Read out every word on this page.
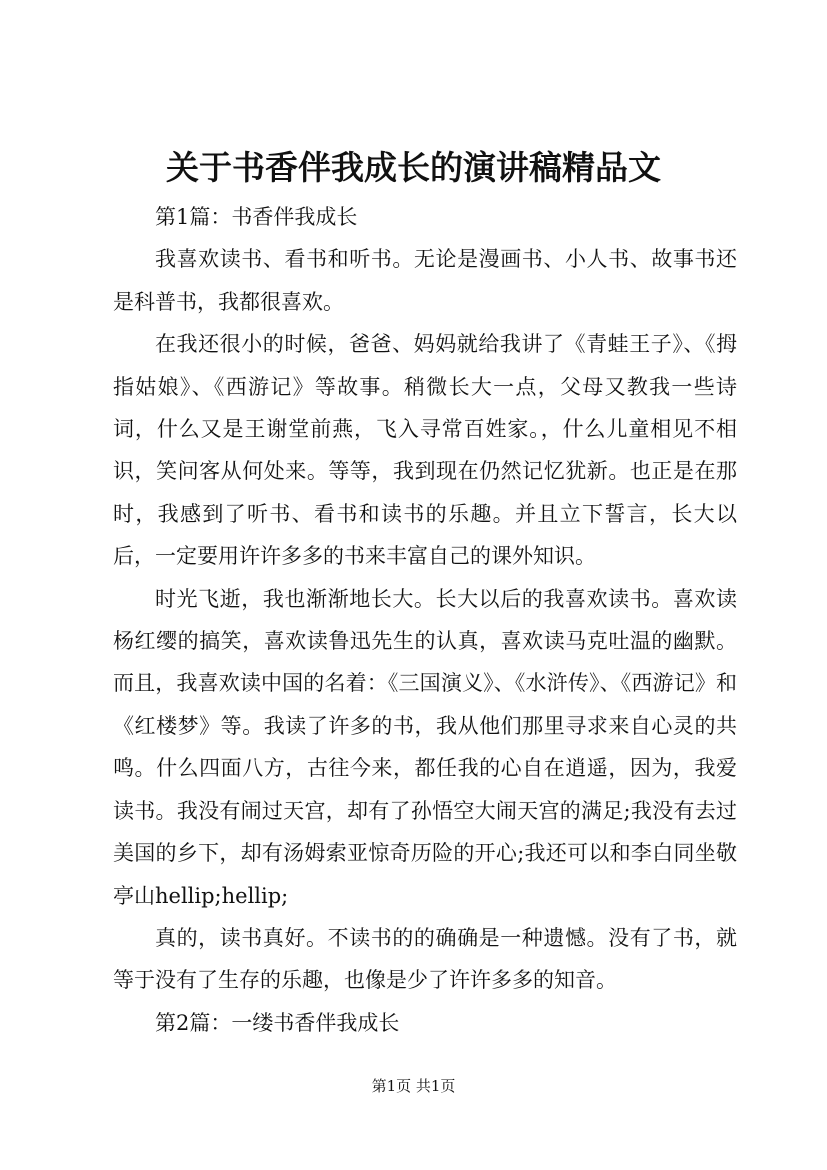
关于书香伴我成长的演讲稿精品文

第1篇：书香伴我成长

我喜欢读书、看书和听书。无论是漫画书、小人书、故事书还是科普书，我都很喜欢。

在我还很小的时候，爸爸、妈妈就给我讲了《青蛙王子》、《拇指姑娘》、《西游记》等故事。稍微长大一点，父母又教我一些诗词，什么又是王谢堂前燕，飞入寻常百姓家。，什么儿童相见不相识，笑问客从何处来。等等，我到现在仍然记忆犹新。也正是在那时，我感到了听书、看书和读书的乐趣。并且立下誓言，长大以后，一定要用许许多多的书来丰富自己的课外知识。

时光飞逝，我也渐渐地长大。长大以后的我喜欢读书。喜欢读杨红缨的搞笑，喜欢读鲁迅先生的认真，喜欢读马克吐温的幽默。而且，我喜欢读中国的名着：《三国演义》、《水浒传》、《西游记》和《红楼梦》等。我读了许多的书，我从他们那里寻求来自心灵的共鸣。什么四面八方，古往今来，都任我的心自在逍遥，因为，我爱读书。我没有闹过天宫，却有了孙悟空大闹天宫的满足;我没有去过美国的乡下，却有汤姆索亚惊奇历险的开心;我还可以和李白同坐敬亭山hellip;hellip;

真的，读书真好。不读书的的确确是一种遗憾。没有了书，就等于没有了生存的乐趣，也像是少了许许多多的知音。

第2篇：一缕书香伴我成长

第1页 共1页
